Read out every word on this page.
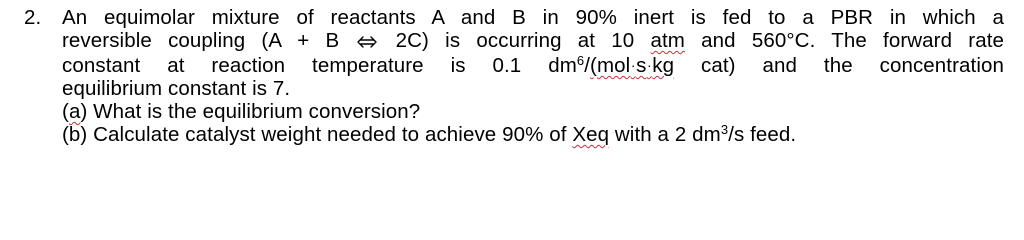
2.	An equimolar mixture of reactants A and B in 90% inert is fed to a PBR in which a
reversible coupling (A + B ⇌ 2C) is occurring at 10 atm and 560°C. The forward rate
constant at reaction temperature is 0.1 $dm^6/(mol\cdot s\cdot kg$ cat) and the concentration
equilibrium constant is 7.
(a) What is the equilibrium conversion?
(b) Calculate catalyst weight needed to achieve 90% of Xeq with a 2 $dm^3/s$ feed.
